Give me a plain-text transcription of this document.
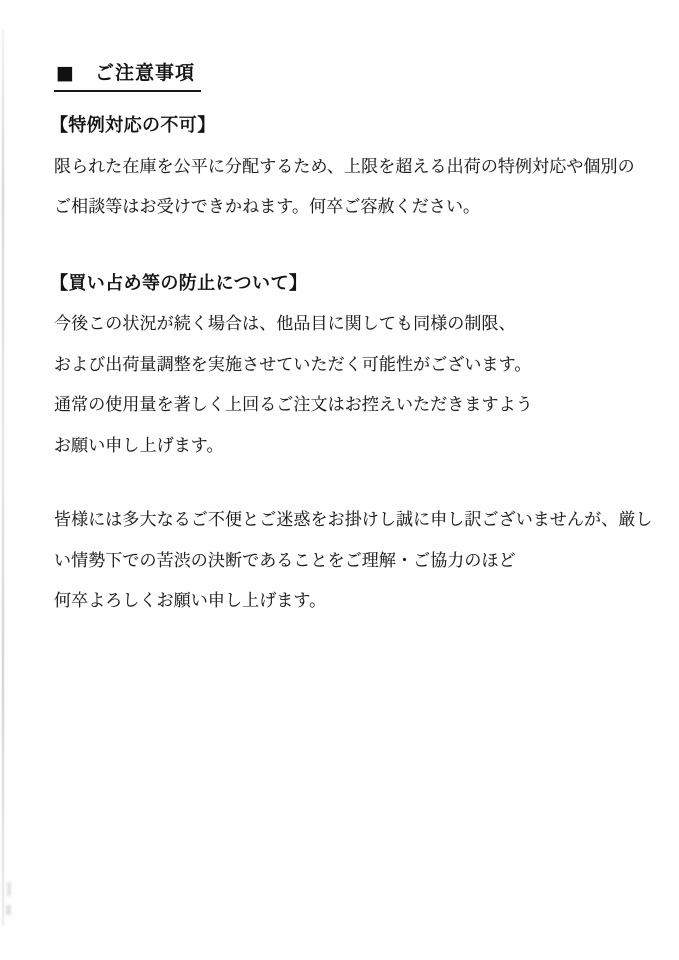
■　ご注意事項
【特例対応の不可】
限られた在庫を公平に分配するため、上限を超える出荷の特例対応や個別の
ご相談等はお受けできかねます。何卒ご容赦ください。
【買い占め等の防止について】
今後この状況が続く場合は、他品目に関しても同様の制限、
および出荷量調整を実施させていただく可能性がございます。
通常の使用量を著しく上回るご注文はお控えいただきますよう
お願い申し上げます。
皆様には多大なるご不便とご迷惑をお掛けし誠に申し訳ございませんが、厳し
い情勢下での苦渋の決断であることをご理解・ご協力のほど
何卒よろしくお願い申し上げます。
